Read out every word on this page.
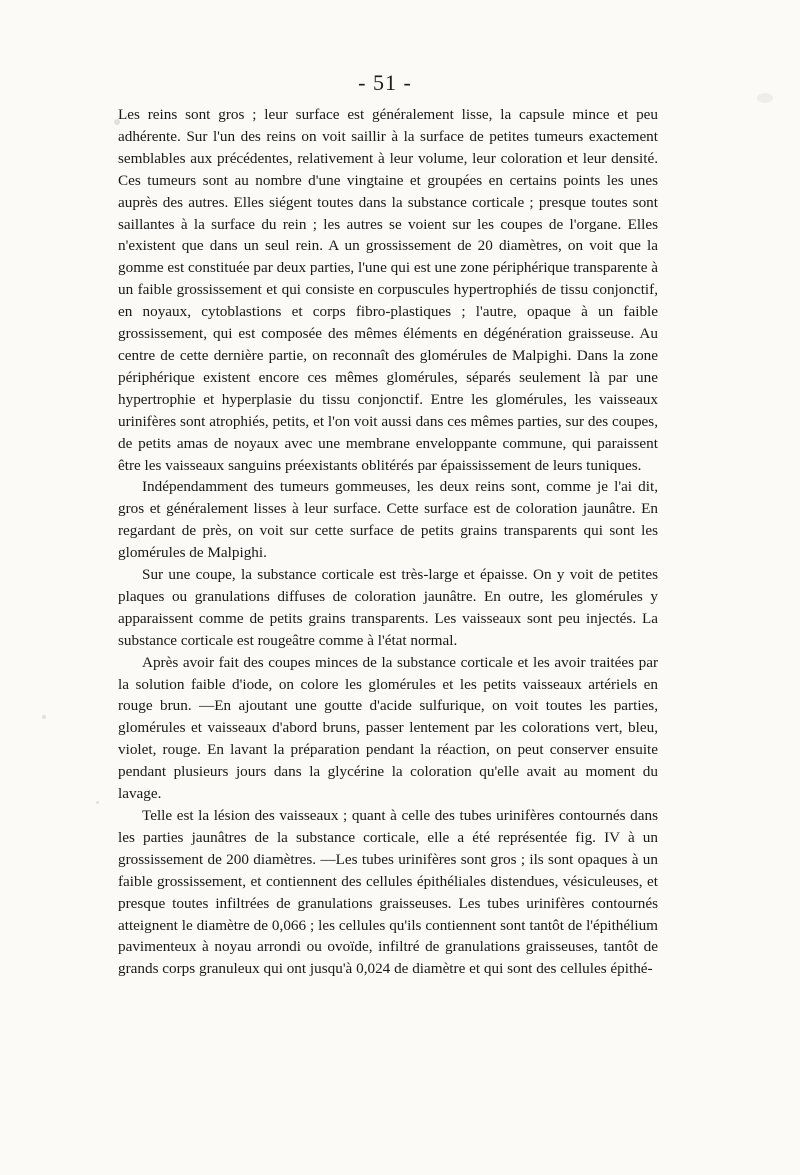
- 51 -

Les reins sont gros ; leur surface est généralement lisse, la capsule mince et peu adhérente. Sur l'un des reins on voit saillir à la surface de petites tumeurs exactement semblables aux précédentes, relativement à leur volume, leur coloration et leur densité. Ces tumeurs sont au nombre d'une vingtaine et groupées en certains points les unes auprès des autres. Elles siégent toutes dans la substance corticale ; presque toutes sont saillantes à la surface du rein ; les autres se voient sur les coupes de l'organe. Elles n'existent que dans un seul rein. A un grossissement de 20 diamètres, on voit que la gomme est constituée par deux parties, l'une qui est une zone périphérique transparente à un faible grossissement et qui consiste en corpuscules hypertrophiés de tissu conjonctif, en noyaux, cytoblastions et corps fibro-plastiques ; l'autre, opaque à un faible grossissement, qui est composée des mêmes éléments en dégénération graisseuse. Au centre de cette dernière partie, on reconnaît des glomérules de Malpighi. Dans la zone périphérique existent encore ces mêmes glomérules, séparés seulement là par une hypertrophie et hyperplasie du tissu conjonctif. Entre les glomérules, les vaisseaux urinifères sont atrophiés, petits, et l'on voit aussi dans ces mêmes parties, sur des coupes, de petits amas de noyaux avec une membrane enveloppante commune, qui paraissent être les vaisseaux sanguins préexistants oblitérés par épaississement de leurs tuniques.

Indépendamment des tumeurs gommeuses, les deux reins sont, comme je l'ai dit, gros et généralement lisses à leur surface. Cette surface est de coloration jaunâtre. En regardant de près, on voit sur cette surface de petits grains transparents qui sont les glomérules de Malpighi.

Sur une coupe, la substance corticale est très-large et épaisse. On y voit de petites plaques ou granulations diffuses de coloration jaunâtre. En outre, les glomérules y apparaissent comme de petits grains transparents. Les vaisseaux sont peu injectés. La substance corticale est rougeâtre comme à l'état normal.

Après avoir fait des coupes minces de la substance corticale et les avoir traitées par la solution faible d'iode, on colore les glomérules et les petits vaisseaux artériels en rouge brun. —En ajoutant une goutte d'acide sulfurique, on voit toutes les parties, glomérules et vaisseaux d'abord bruns, passer lentement par les colorations vert, bleu, violet, rouge. En lavant la préparation pendant la réaction, on peut conserver ensuite pendant plusieurs jours dans la glycérine la coloration qu'elle avait au moment du lavage.

Telle est la lésion des vaisseaux ; quant à celle des tubes urinifères contournés dans les parties jaunâtres de la substance corticale, elle a été représentée fig. IV à un grossissement de 200 diamètres. —Les tubes urinifères sont gros ; ils sont opaques à un faible grossissement, et contiennent des cellules épithéliales distendues, vésiculeuses, et presque toutes infiltrées de granulations graisseuses. Les tubes urinifères contournés atteignent le diamètre de 0,066 ; les cellules qu'ils contiennent sont tantôt de l'épithélium pavimenteux à noyau arrondi ou ovoïde, infiltré de granulations graisseuses, tantôt de grands corps granuleux qui ont jusqu'à 0,024 de diamètre et qui sont des cellules épithé-
